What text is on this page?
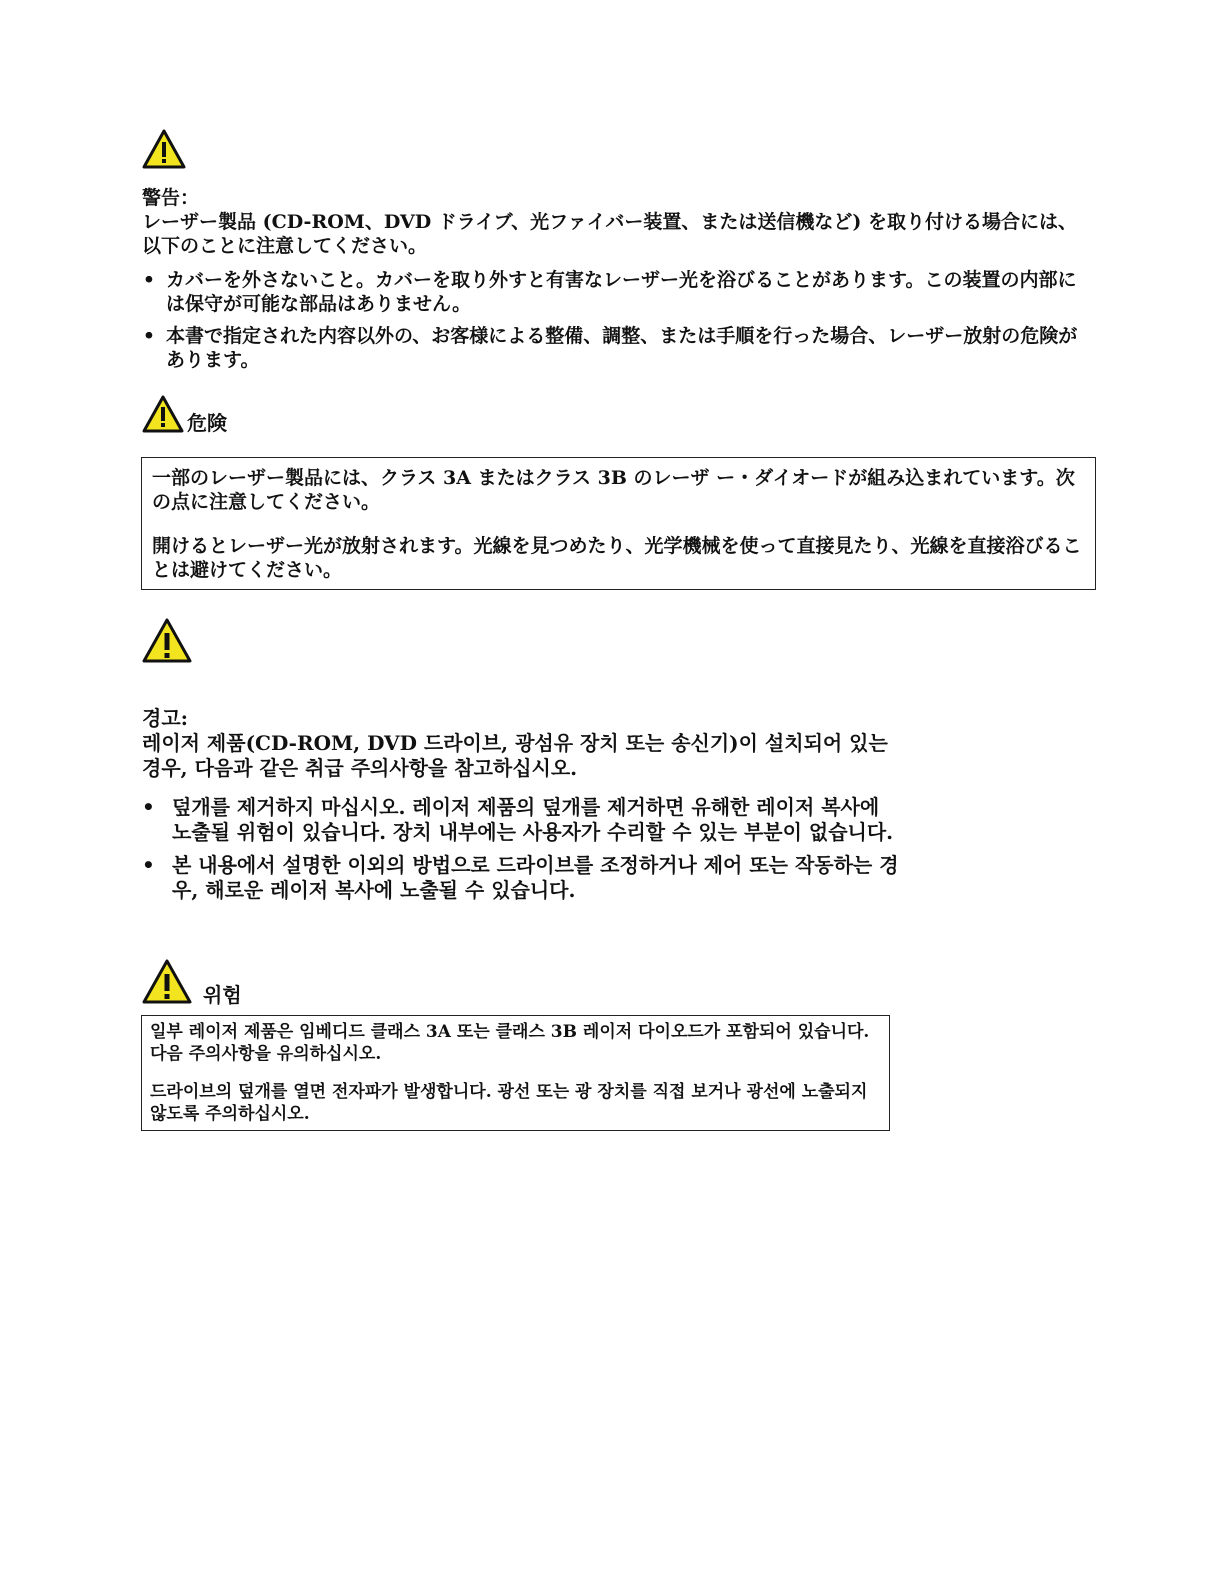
警告：

レーザー製品 (CD-ROM、DVD ドライブ、光ファイバー装置、または送信機など) を取り付ける場合には、以下のことに注意してください。

• カバーを外さないこと。カバーを取り外すと有害なレーザー光を浴びることがあります。この装置の内部には保守が可能な部品はありません。
• 本書で指定された内容以外の、お客様による整備、調整、または手順を行った場合、レーザー放射の危険があります。
危険

一部のレーザー製品には、クラス 3A またはクラス 3B のレーザ ー・ダイオードが組み込まれています。次の点に注意してください。

開けるとレーザー光が放射されます。光線を見つめたり、光学機械を使って直接見たり、光線を直接浴びることは避けてください。

경고:

레이저 제품(CD-ROM, DVD 드라이브, 광섬유 장치 또는 송신기)이 설치되어 있는 경우, 다음과 같은 취급 주의사항을 참고하십시오.

• 덮개를 제거하지 마십시오. 레이저 제품의 덮개를 제거하면 유해한 레이저 복사에 노출될 위험이 있습니다. 장치 내부에는 사용자가 수리할 수 있는 부분이 없습니다.
• 본 내용에서 설명한 이외의 방법으로 드라이브를 조정하거나 제어 또는 작동하는 경우, 해로운 레이저 복사에 노출될 수 있습니다.
위험

일부 레이저 제품은 임베디드 클래스 3A 또는 클래스 3B 레이저 다이오드가 포함되어 있습니다. 다음 주의사항을 유의하십시오.

드라이브의 덮개를 열면 전자파가 발생합니다. 광선 또는 광 장치를 직접 보거나 광선에 노출되지 않도록 주의하십시오.
